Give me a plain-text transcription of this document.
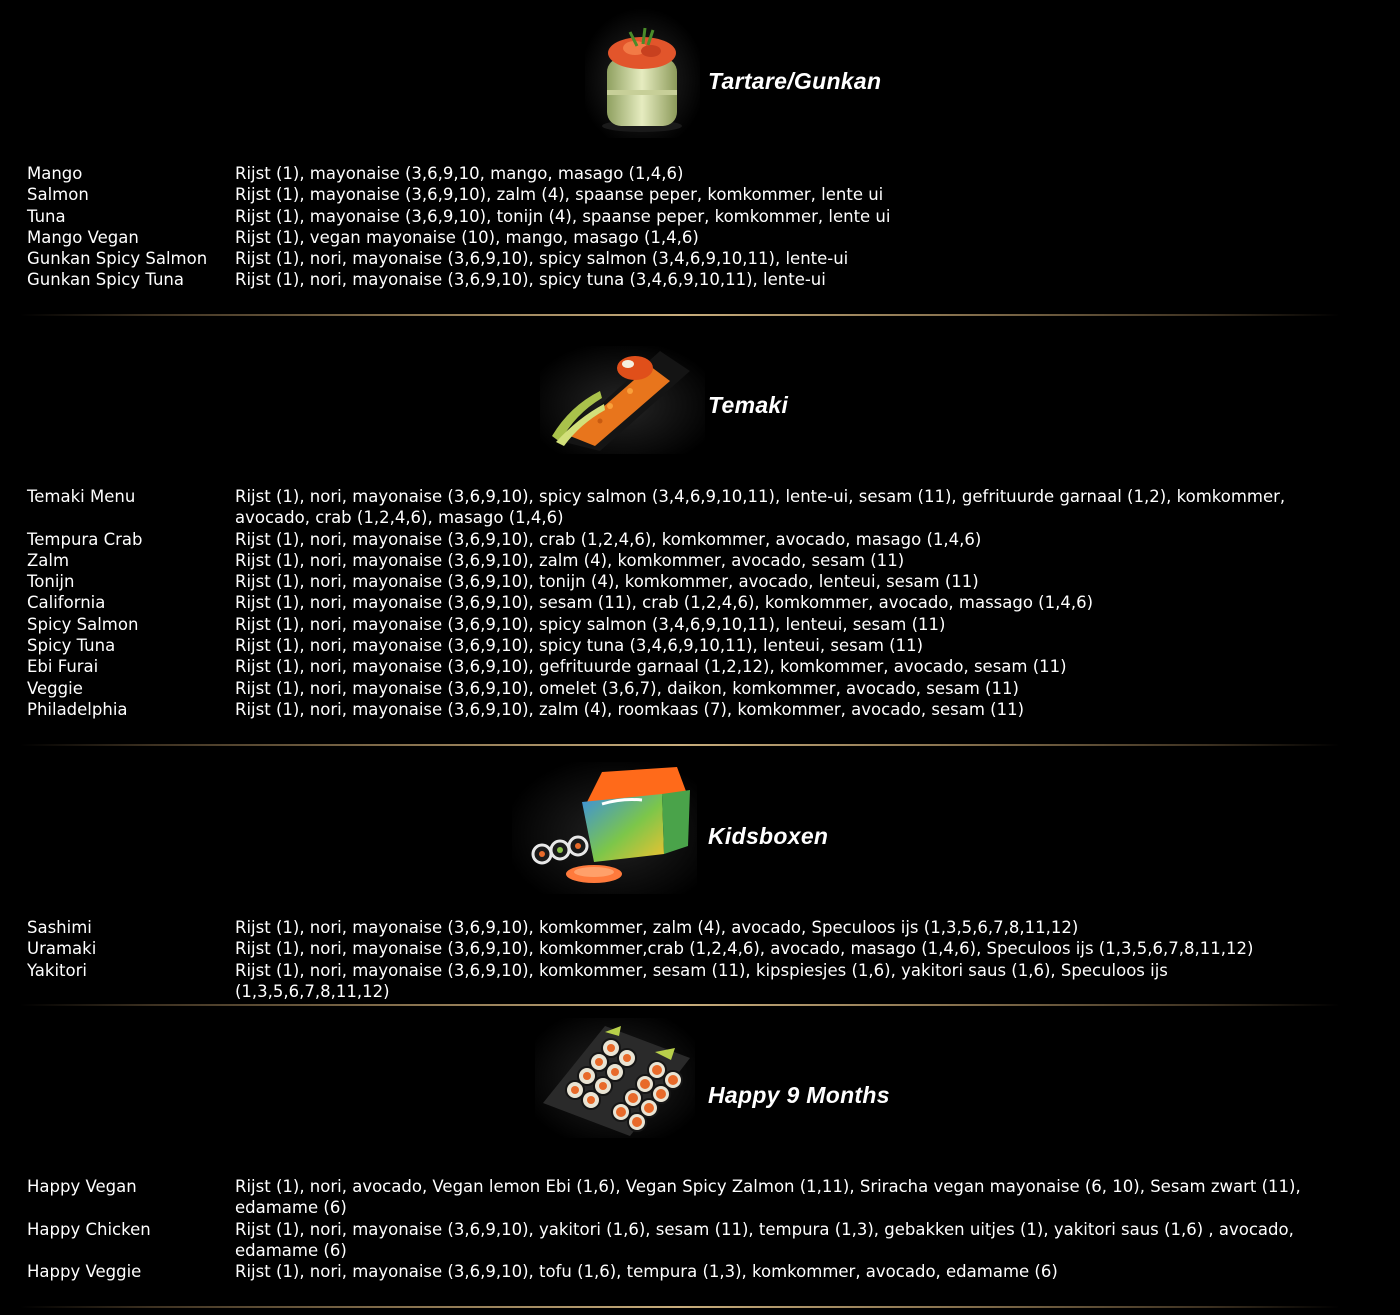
Tartare/Gunkan
Mango	Rijst (1), mayonaise (3,6,9,10, mango, masago (1,4,6)
Salmon	Rijst (1), mayonaise (3,6,9,10), zalm (4), spaanse peper, komkommer, lente ui
Tuna	Rijst (1), mayonaise (3,6,9,10), tonijn (4), spaanse peper, komkommer, lente ui
Mango Vegan	Rijst (1), vegan mayonaise (10), mango, masago (1,4,6)
Gunkan Spicy Salmon	Rijst (1), nori, mayonaise (3,6,9,10), spicy salmon (3,4,6,9,10,11), lente-ui
Gunkan Spicy Tuna	Rijst (1), nori, mayonaise (3,6,9,10), spicy tuna (3,4,6,9,10,11), lente-ui
Temaki
Temaki Menu	Rijst (1), nori, mayonaise (3,6,9,10), spicy salmon (3,4,6,9,10,11), lente-ui, sesam (11), gefrituurde garnaal (1,2), komkommer, avocado, crab (1,2,4,6), masago (1,4,6)
Tempura Crab	Rijst (1), nori, mayonaise (3,6,9,10), crab (1,2,4,6), komkommer, avocado, masago (1,4,6)
Zalm	Rijst (1), nori, mayonaise (3,6,9,10), zalm (4), komkommer, avocado, sesam (11)
Tonijn	Rijst (1), nori, mayonaise (3,6,9,10), tonijn (4), komkommer, avocado, lenteui, sesam (11)
California	Rijst (1), nori, mayonaise (3,6,9,10), sesam (11), crab (1,2,4,6), komkommer, avocado, massago (1,4,6)
Spicy Salmon	Rijst (1), nori, mayonaise (3,6,9,10), spicy salmon (3,4,6,9,10,11), lenteui, sesam (11)
Spicy Tuna	Rijst (1), nori, mayonaise (3,6,9,10), spicy tuna (3,4,6,9,10,11), lenteui, sesam (11)
Ebi Furai	Rijst (1), nori, mayonaise (3,6,9,10), gefrituurde garnaal (1,2,12), komkommer, avocado, sesam (11)
Veggie	Rijst (1), nori, mayonaise (3,6,9,10), omelet (3,6,7), daikon, komkommer, avocado, sesam (11)
Philadelphia	Rijst (1), nori, mayonaise (3,6,9,10), zalm (4), roomkaas (7), komkommer, avocado, sesam (11)
Kidsboxen
Sashimi	Rijst (1), nori, mayonaise (3,6,9,10), komkommer, zalm (4), avocado, Speculoos ijs (1,3,5,6,7,8,11,12)
Uramaki	Rijst (1), nori, mayonaise (3,6,9,10), komkommer,crab (1,2,4,6), avocado, masago (1,4,6), Speculoos ijs (1,3,5,6,7,8,11,12)
Yakitori	Rijst (1), nori, mayonaise (3,6,9,10), komkommer, sesam (11), kipspiesjes (1,6), yakitori saus (1,6), Speculoos ijs (1,3,5,6,7,8,11,12)
Happy 9 Months
Happy Vegan	Rijst (1), nori, avocado, Vegan lemon Ebi (1,6), Vegan Spicy Zalmon (1,11), Sriracha vegan mayonaise (6, 10), Sesam zwart (11), edamame (6)
Happy Chicken	Rijst (1), nori, mayonaise (3,6,9,10), yakitori (1,6), sesam (11), tempura (1,3), gebakken uitjes (1), yakitori saus (1,6) , avocado, edamame (6)
Happy Veggie	Rijst (1), nori, mayonaise (3,6,9,10), tofu (1,6), tempura (1,3), komkommer, avocado, edamame (6)
